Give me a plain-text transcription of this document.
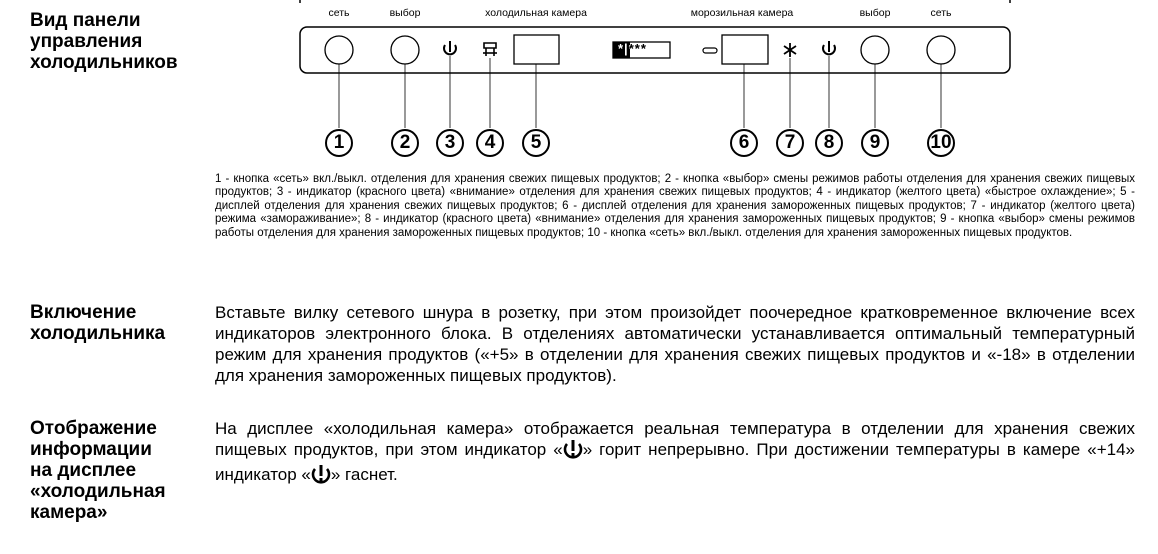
Вид панели
управления
холодильников
Включение
холодильника
Отображение
информации
на дисплее
«холодильная
камера»
сеть	выбор	холодильная камера	морозильная камера	выбор	сеть
*|***
1	2	3	4	5	6	7	8	9	10
1 - кнопка «сеть» вкл./выкл. отделения для хранения свежих пищевых продуктов; 2 - кнопка «выбор» смены режимов работы отделения для хранения свежих пищевых продуктов; 3 - индикатор (красного цвета) «внимание» отделения для хранения свежих пищевых продуктов; 4 - индикатор (желтого цвета) «быстрое охлаждение»; 5 - дисплей отделения для хранения свежих пищевых продуктов; 6 - дисплей отделения для хранения замороженных пищевых продуктов; 7 - индикатор (желтого цвета) режима «замораживание»; 8 - индикатор (красного цвета) «внимание» отделения для хранения замороженных пищевых продуктов; 9 - кнопка «выбор» смены режимов работы отделения для хранения замороженных пищевых продуктов; 10 - кнопка «сеть» вкл./выкл. отделения для хранения замороженных пищевых продуктов.

Вставьте вилку сетевого шнура в розетку, при этом произойдет поочередное кратковременное включение всех индикаторов электронного блока. В отделениях автоматически устанавливается оптимальный температурный режим для хранения продуктов («+5» в отделении для хранения свежих пищевых продуктов и «-18» в отделении для хранения замороженных пищевых продуктов).

На дисплее «холодильная камера» отображается реальная температура в отделении для хранения свежих пищевых продуктов, при этом индикатор « » горит непрерывно. При достижении температуры в камере «+14» индикатор « » гаснет.
